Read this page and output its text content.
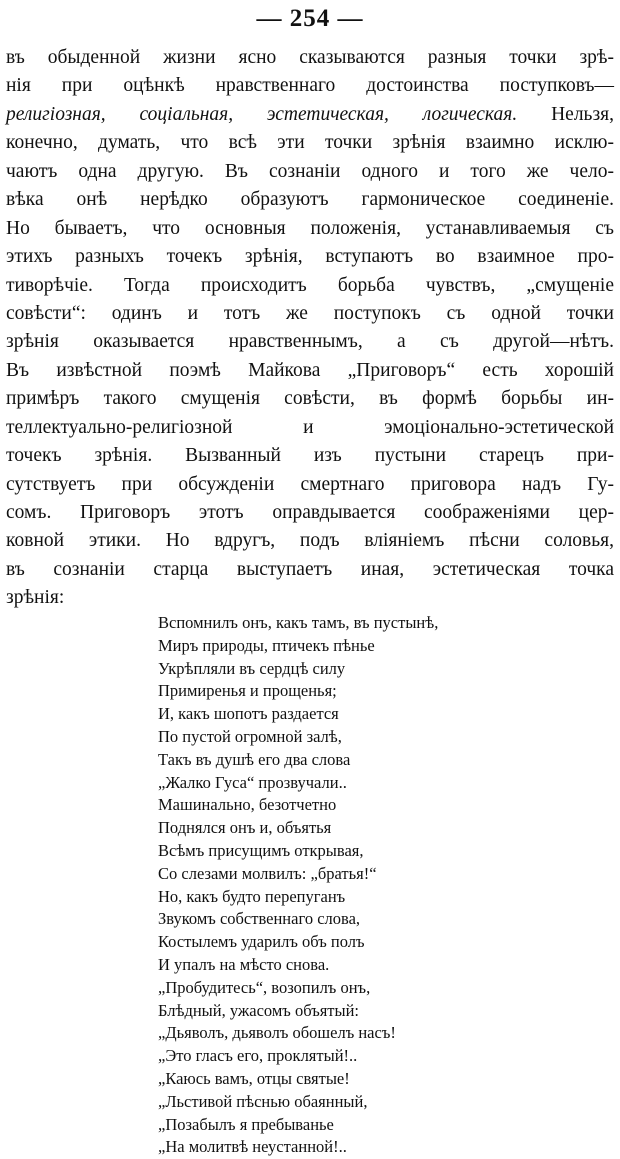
— 254 —
въ обыденной жизни ясно сказываются разныя точки зрѣ-
нія при оцѣнкѣ нравственнаго достоинства поступковъ—
религіозная, соціальная, эстетическая, логическая. Нельзя,
конечно, думать, что всѣ эти точки зрѣнія взаимно исклю-
чаютъ одна другую. Въ сознаніи одного и того же чело-
вѣка онѣ нерѣдко образуютъ гармоническое соединеніе.
Но бываетъ, что основныя положенія, устанавливаемыя съ
этихъ разныхъ точекъ зрѣнія, вступаютъ во взаимное про-
тиворѣчіе. Тогда происходитъ борьба чувствъ, „смущеніе
совѣсти“: одинъ и тотъ же поступокъ съ одной точки
зрѣнія оказывается нравственнымъ, а съ другой—нѣтъ.
Въ извѣстной поэмѣ Майкова „Приговоръ“ есть хорошій
примѣръ такого смущенія совѣсти, въ формѣ борьбы ин-
теллектуально-религіозной и эмоціонально-эстетической
точекъ зрѣнія. Вызванный изъ пустыни старецъ при-
сутствуетъ при обсужденіи смертнаго приговора надъ Гу-
сомъ. Приговоръ этотъ оправдывается соображеніями цер-
ковной этики. Но вдругъ, подъ вліяніемъ пѣсни соловья,
въ сознаніи старца выступаетъ иная, эстетическая точка
зрѣнія:
Вспомнилъ онъ, какъ тамъ, въ пустынѣ,
Миръ природы, птичекъ пѣнье
Укрѣпляли въ сердцѣ силу
Примиренья и прощенья;
И, какъ шопотъ раздается
По пустой огромной залѣ,
Такъ въ душѣ его два слова
„Жалко Гуса“ прозвучали..
Машинально, безотчетно
Поднялся онъ и, объятья
Всѣмъ присущимъ открывая,
Со слезами молвилъ: „братья!“
Но, какъ будто перепуганъ
Звукомъ собственнаго слова,
Костылемъ ударилъ объ полъ
И упалъ на мѣсто снова.
„Пробудитесь“, возопилъ онъ,
Блѣдный, ужасомъ объятый:
„Дьяволъ, дьяволъ обошелъ насъ!
„Это гласъ его, проклятый!..
„Каюсь вамъ, отцы святые!
„Льстивой пѣснью обаянный,
„Позабылъ я пребыванье
„На молитвѣ неустанной!..
